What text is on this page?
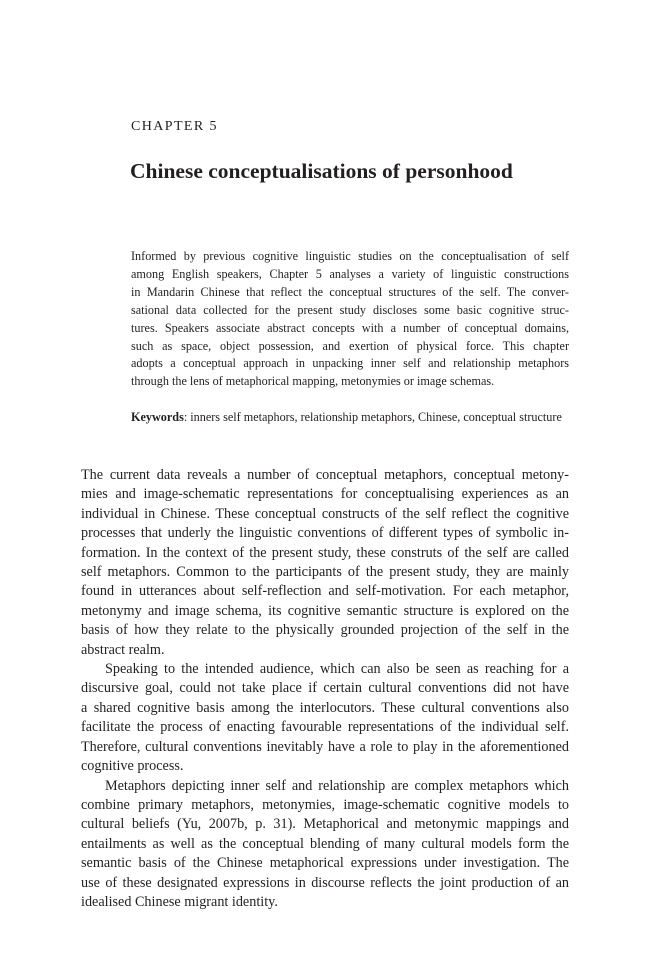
CHAPTER 5

Chinese conceptualisations of personhood
Informed by previous cognitive linguistic studies on the conceptualisation of self
among English speakers, Chapter 5 analyses a variety of linguistic constructions
in Mandarin Chinese that reflect the conceptual structures of the self. The conver-
sational data collected for the present study discloses some basic cognitive struc-
tures. Speakers associate abstract concepts with a number of conceptual domains,
such as space, object possession, and exertion of physical force. This chapter
adopts a conceptual approach in unpacking inner self and relationship metaphors
through the lens of metaphorical mapping, metonymies or image schemas.

Keywords: inners self metaphors, relationship metaphors, Chinese, conceptual structure

The current data reveals a number of conceptual metaphors, conceptual metony-
mies and image-schematic representations for conceptualising experiences as an
individual in Chinese. These conceptual constructs of the self reflect the cognitive
processes that underly the linguistic conventions of different types of symbolic in-
formation. In the context of the present study, these construts of the self are called
self metaphors. Common to the participants of the present study, they are mainly
found in utterances about self-reflection and self-motivation. For each metaphor,
metonymy and image schema, its cognitive semantic structure is explored on the
basis of how they relate to the physically grounded projection of the self in the
abstract realm.
Speaking to the intended audience, which can also be seen as reaching for a
discursive goal, could not take place if certain cultural conventions did not have
a shared cognitive basis among the interlocutors. These cultural conventions also
facilitate the process of enacting favourable representations of the individual self.
Therefore, cultural conventions inevitably have a role to play in the aforementioned
cognitive process.
Metaphors depicting inner self and relationship are complex metaphors which
combine primary metaphors, metonymies, image-schematic cognitive models to
cultural beliefs (Yu, 2007b, p. 31). Metaphorical and metonymic mappings and
entailments as well as the conceptual blending of many cultural models form the
semantic basis of the Chinese metaphorical expressions under investigation. The
use of these designated expressions in discourse reflects the joint production of an
idealised Chinese migrant identity.
